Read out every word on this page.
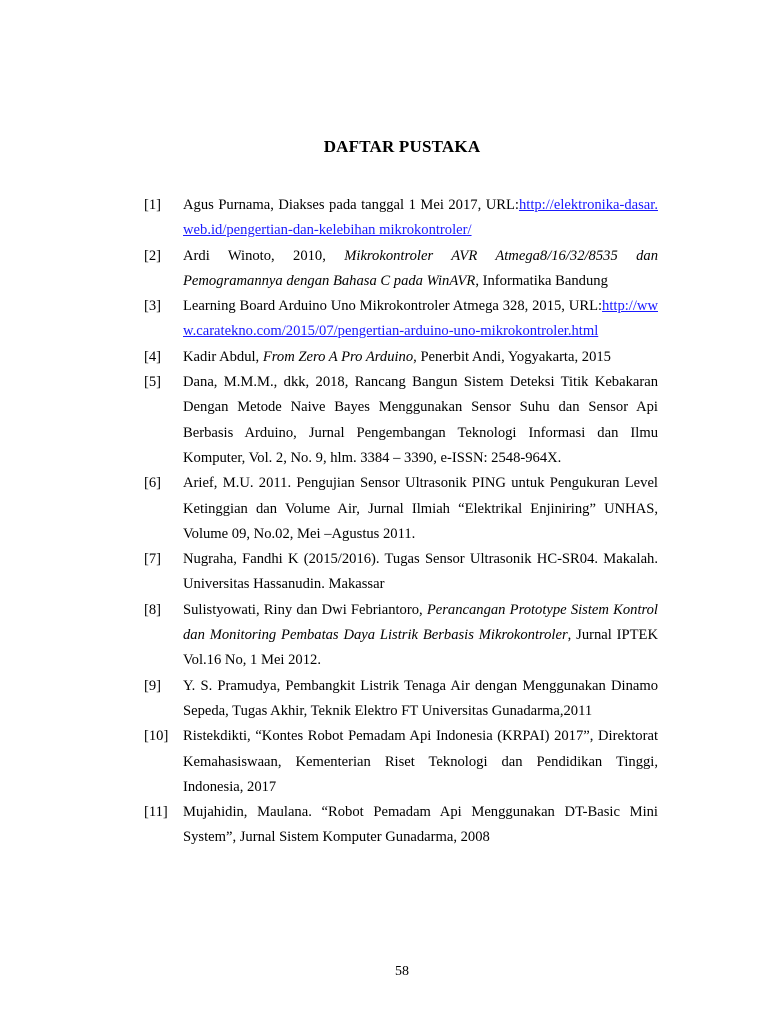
DAFTAR PUSTAKA
[1]	Agus Purnama, Diakses pada tanggal 1 Mei 2017, URL:http://elektronika-dasar.web.id/pengertian-dan-kelebihan mikrokontroler/
[2]	Ardi Winoto, 2010, Mikrokontroler AVR Atmega8/16/32/8535 dan Pemogramannya dengan Bahasa C pada WinAVR, Informatika Bandung
[3]	Learning Board Arduino Uno Mikrokontroler Atmega 328, 2015, URL:http://www.caratekno.com/2015/07/pengertian-arduino-uno-mikrokontroler.html
[4]	Kadir Abdul, From Zero A Pro Arduino, Penerbit Andi, Yogyakarta, 2015
[5]	Dana, M.M.M., dkk, 2018, Rancang Bangun Sistem Deteksi Titik Kebakaran Dengan Metode Naive Bayes Menggunakan Sensor Suhu dan Sensor Api Berbasis Arduino, Jurnal Pengembangan Teknologi Informasi dan Ilmu Komputer, Vol. 2, No. 9, hlm. 3384 – 3390, e-ISSN: 2548-964X.
[6]	Arief, M.U. 2011. Pengujian Sensor Ultrasonik PING untuk Pengukuran Level Ketinggian dan Volume Air, Jurnal Ilmiah “Elektrikal Enjiniring” UNHAS, Volume 09, No.02, Mei –Agustus 2011.
[7]	Nugraha, Fandhi K (2015/2016). Tugas Sensor Ultrasonik HC-SR04. Makalah. Universitas Hassanudin. Makassar
[8]	Sulistyowati, Riny dan Dwi Febriantoro, Perancangan Prototype Sistem Kontrol dan Monitoring Pembatas Daya Listrik Berbasis Mikrokontroler, Jurnal IPTEK Vol.16 No, 1 Mei 2012.
[9]	Y. S. Pramudya, Pembangkit Listrik Tenaga Air dengan Menggunakan Dinamo Sepeda, Tugas Akhir, Teknik Elektro FT Universitas Gunadarma,2011
[10]	Ristekdikti, “Kontes Robot Pemadam Api Indonesia (KRPAI) 2017”, Direktorat Kemahasiswaan, Kementerian Riset Teknologi dan Pendidikan Tinggi, Indonesia, 2017
[11]	Mujahidin, Maulana. “Robot Pemadam Api Menggunakan DT-Basic Mini System”, Jurnal Sistem Komputer Gunadarma, 2008
58
